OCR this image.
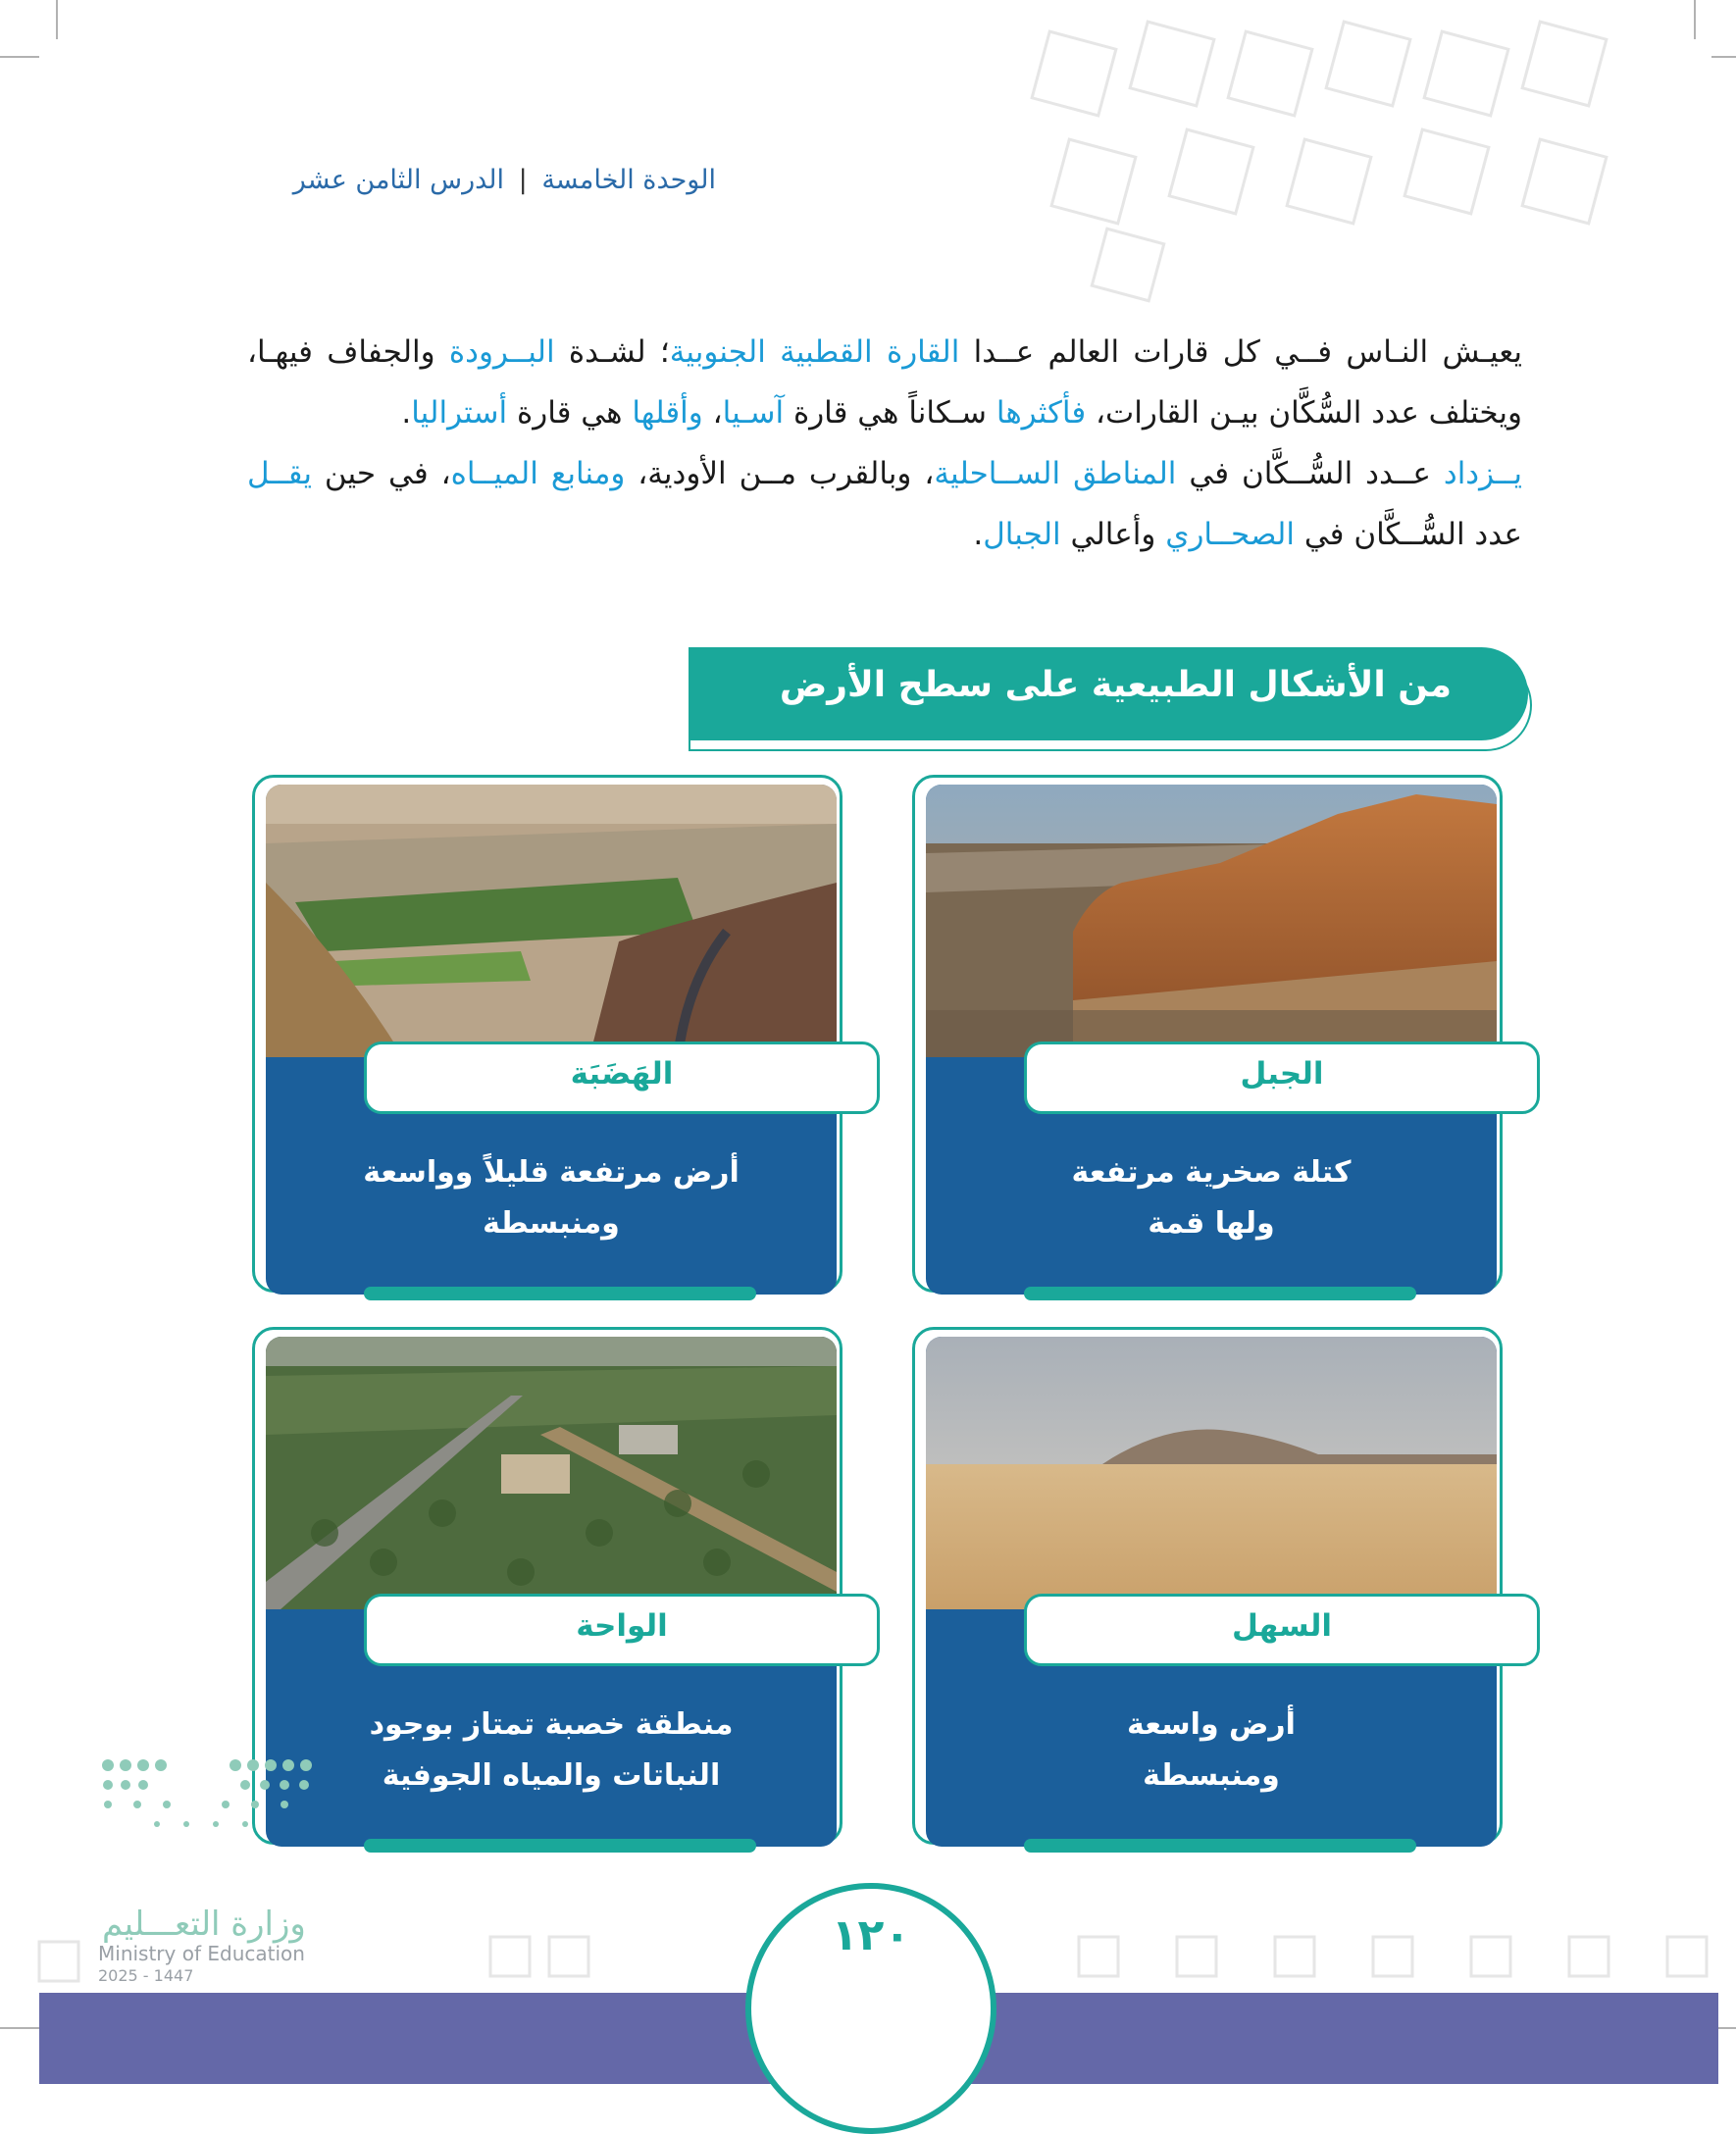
الوحدة الخامسة | الدرس الثامن عشر

يعيـش النـاس فــي كل قارات العالم عــدا القارة القطبية الجنوبية؛ لشـدة البــرودة والجفاف فيهـا، ويختلف عدد السُّكَّان بيـن القارات، فأكثرها سـكاناً هي قارة آسـيا، وأقلها هي قارة أستراليا.

يــزداد عــدد السُّــكَّان في المناطق الســاحلية، وبالقرب مــن الأودية، ومنابع الميــاه، في حين يقــل عدد السُّــكَّان في الصحــاري وأعالي الجبال.

من الأشكال الطبيعية على سطح الأرض
كتلة صخرية مرتفعة
ولها قمة
الجبل
أرض مرتفعة قليلاً وواسعة
ومنبسطة
الهَضَبَة
أرض واسعة
ومنبسطة
السهل
منطقة خصبة تمتاز بوجود
النباتات والمياه الجوفية
الواحة
وزارة التعـــليم
Ministry of Education
2025 - 1447
١٢٠
